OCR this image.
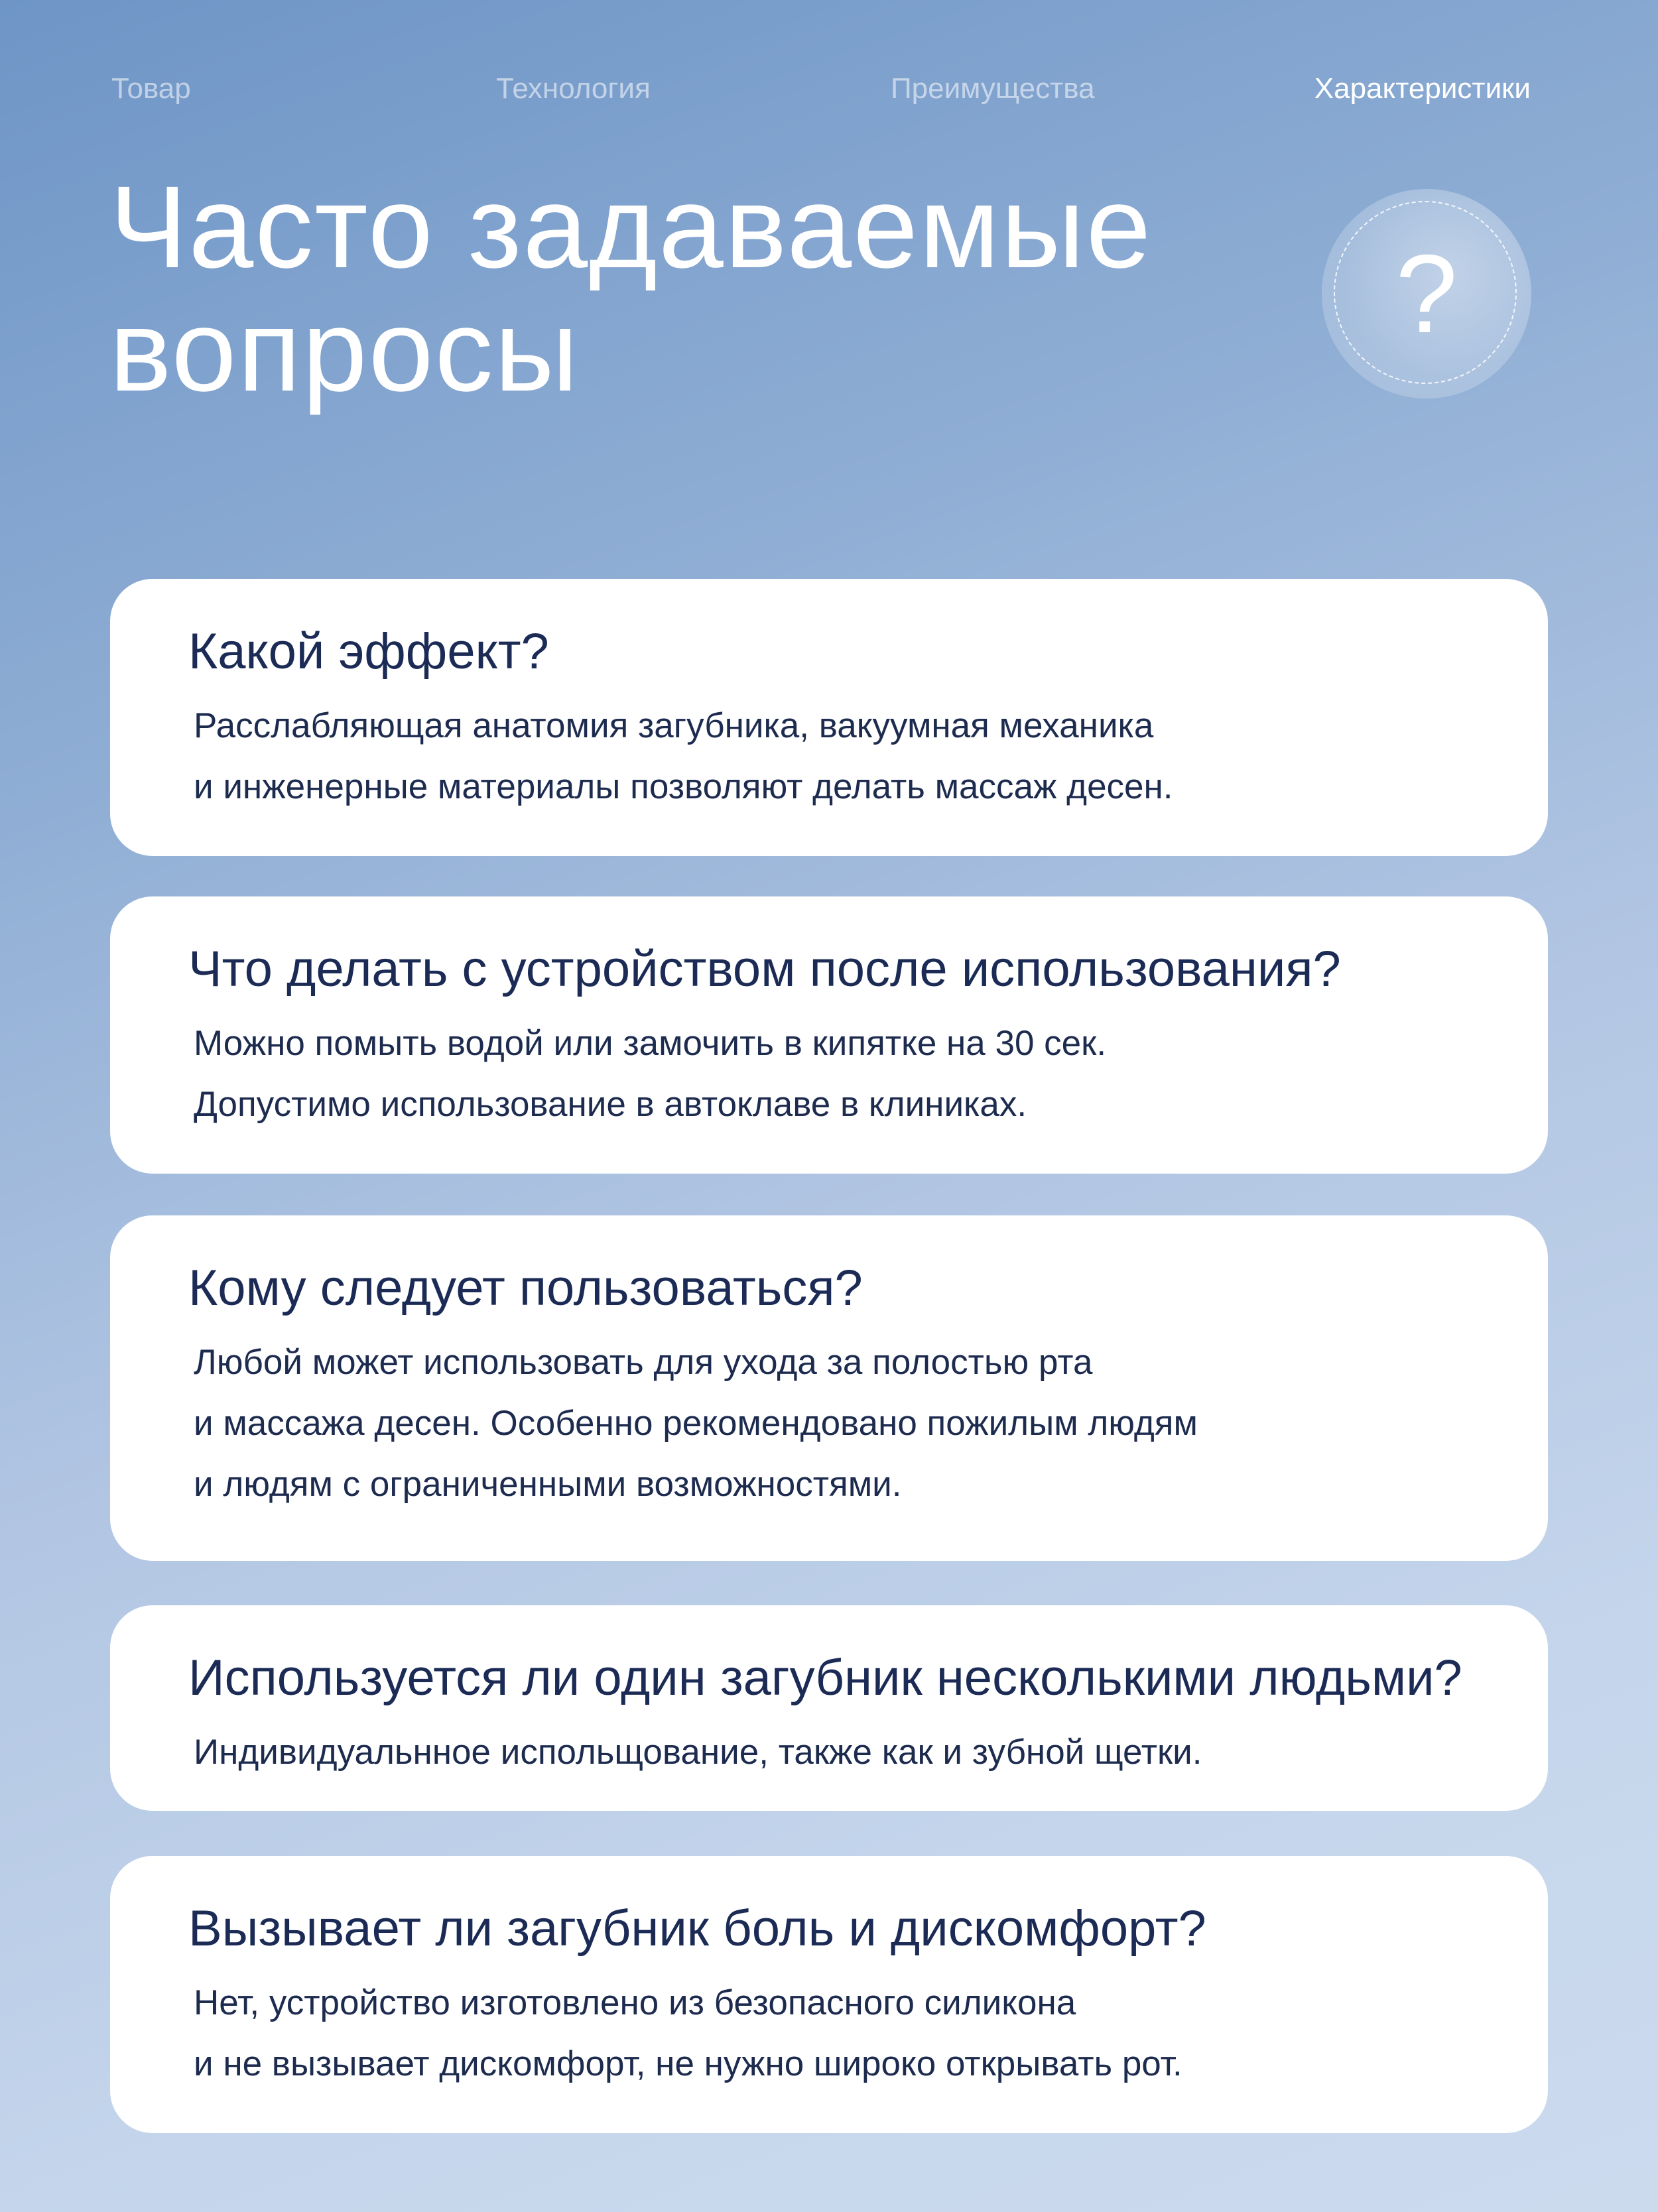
Товар	Технология	Преимущества	Характеристики
Часто задаваемые
вопросы	?
Какой эффект?

Расслабляющая анатомия загубника, вакуумная механика
и инженерные материалы позволяют делать массаж десен.

Что делать с устройством после использования?

Можно помыть водой или замочить в кипятке на 30 сек.
Допустимо использование в автоклаве в клиниках.

Кому следует пользоваться?

Любой может использовать для ухода за полостью рта
и массажа десен. Особенно рекомендовано пожилым людям
и людям с ограниченными возможностями.

Используется ли один загубник несколькими людьми?

Индивидуальнное испольщование, также как и зубной щетки.

Вызывает ли загубник боль и дискомфорт?

Нет, устройство изготовлено из безопасного силикона
и не вызывает дискомфорт, не нужно широко открывать рот.
